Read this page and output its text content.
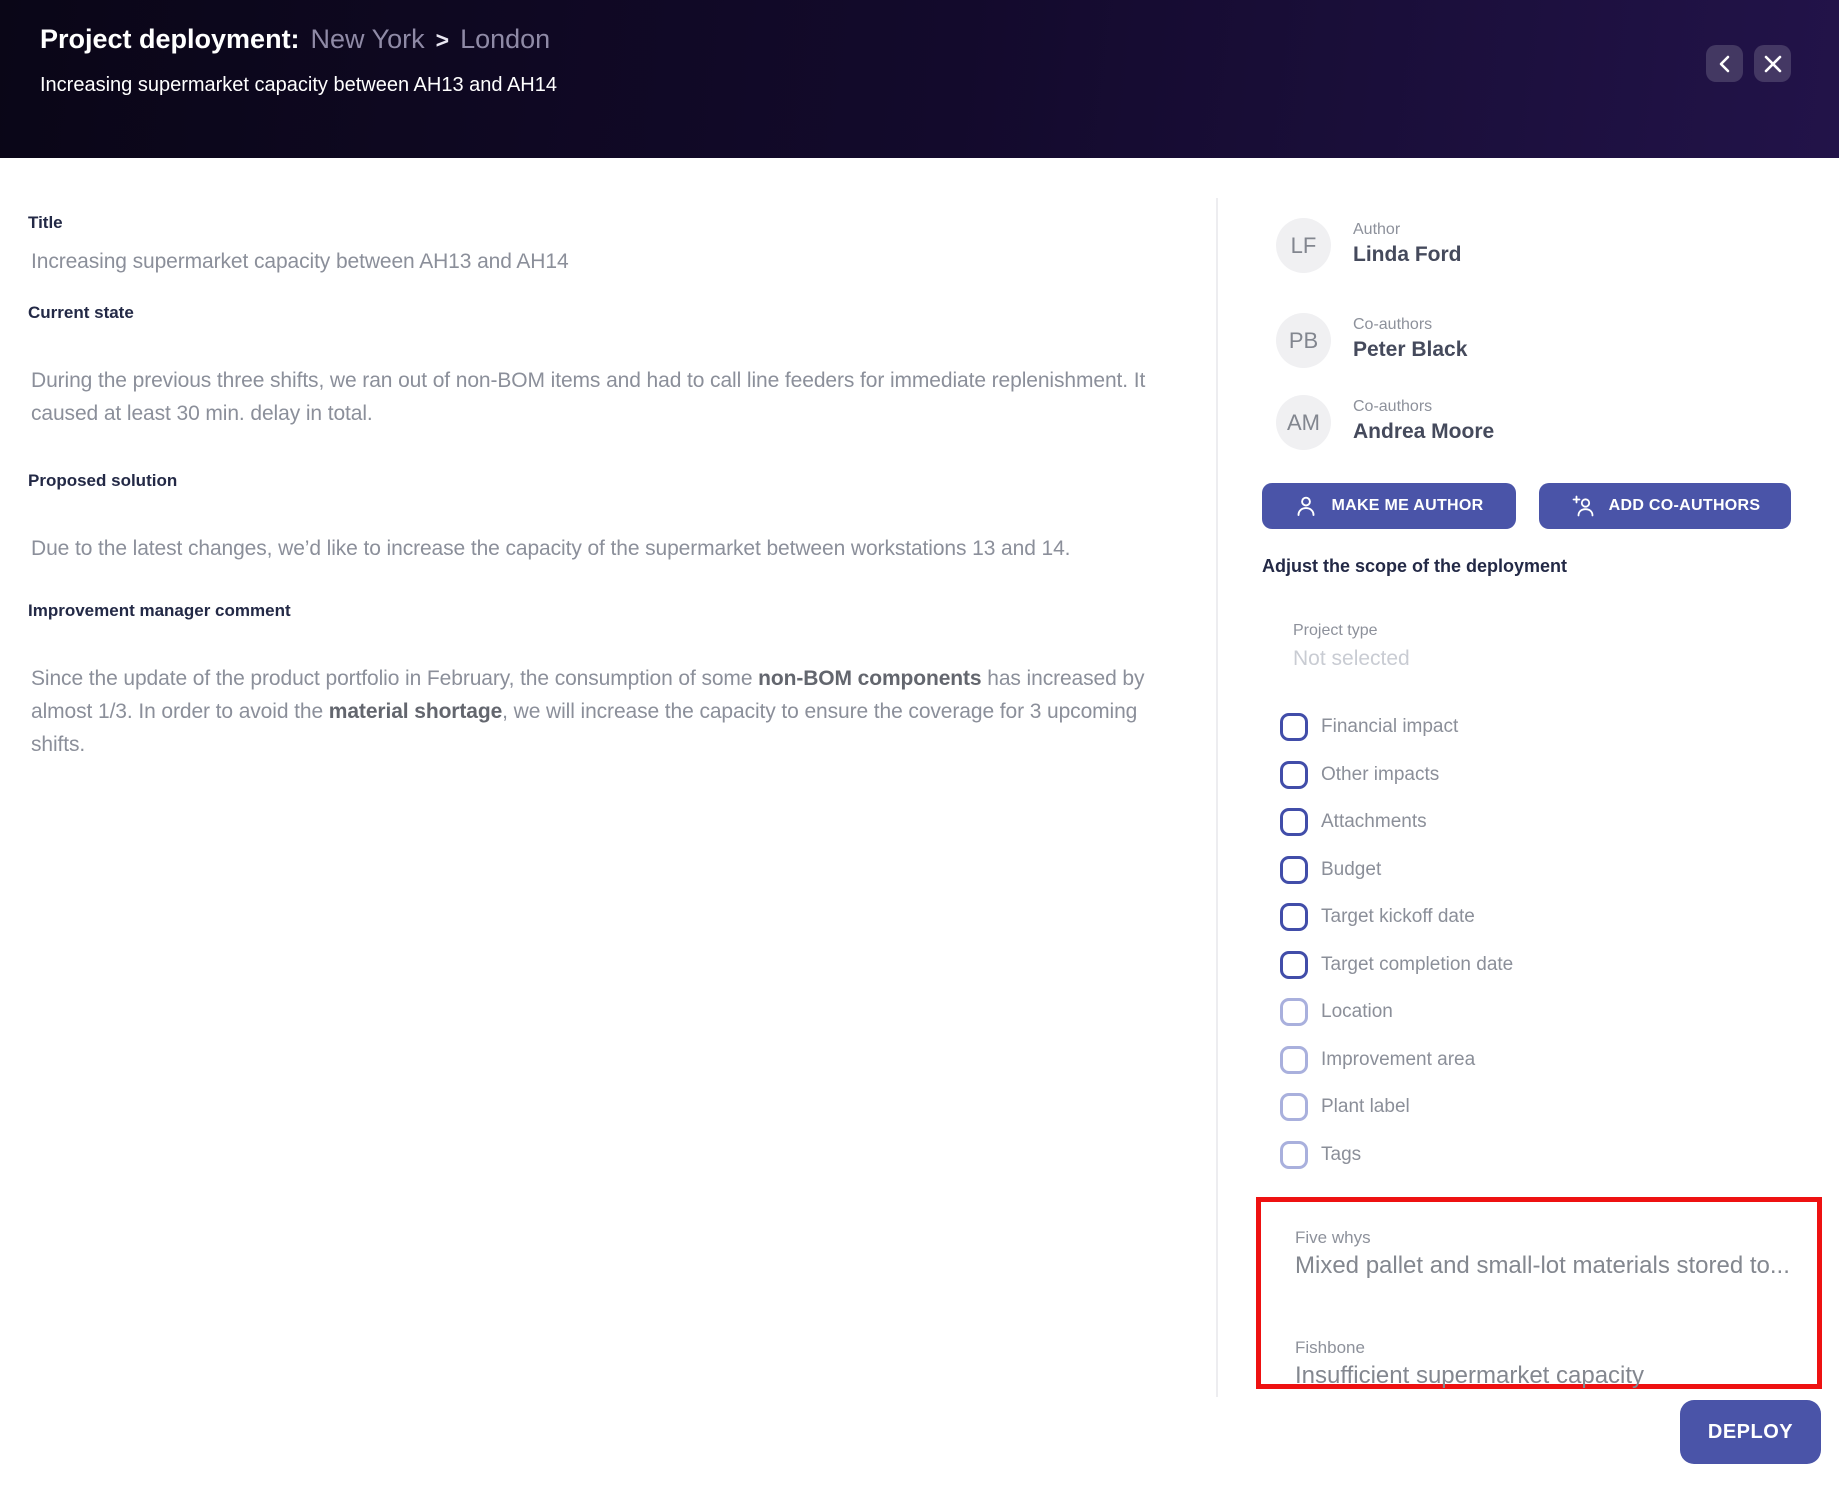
Project deployment: New York > London
Increasing supermarket capacity between AH13 and AH14
Title
Increasing supermarket capacity between AH13 and AH14
Current state
During the previous three shifts, we ran out of non-BOM items and had to call line feeders for immediate replenishment. It caused at least 30 min. delay in total.
Proposed solution
Due to the latest changes, we’d like to increase the capacity of the supermarket between workstations 13 and 14.
Improvement manager comment
Since the update of the product portfolio in February, the consumption of some non-BOM components has increased by almost 1/3. In order to avoid the material shortage, we will increase the capacity to ensure the coverage for 3 upcoming shifts.
LF
Author
Linda Ford
PB
Co-authors
Peter Black
AM
Co-authors
Andrea Moore
MAKE ME AUTHOR	ADD CO-AUTHORS
Adjust the scope of the deployment
Project type
Not selected
Financial impact
Other impacts
Attachments
Budget
Target kickoff date
Target completion date
Location
Improvement area
Plant label
Tags
Five whys
Mixed pallet and small-lot materials stored to...
Fishbone
Insufficient supermarket capacity
DEPLOY
